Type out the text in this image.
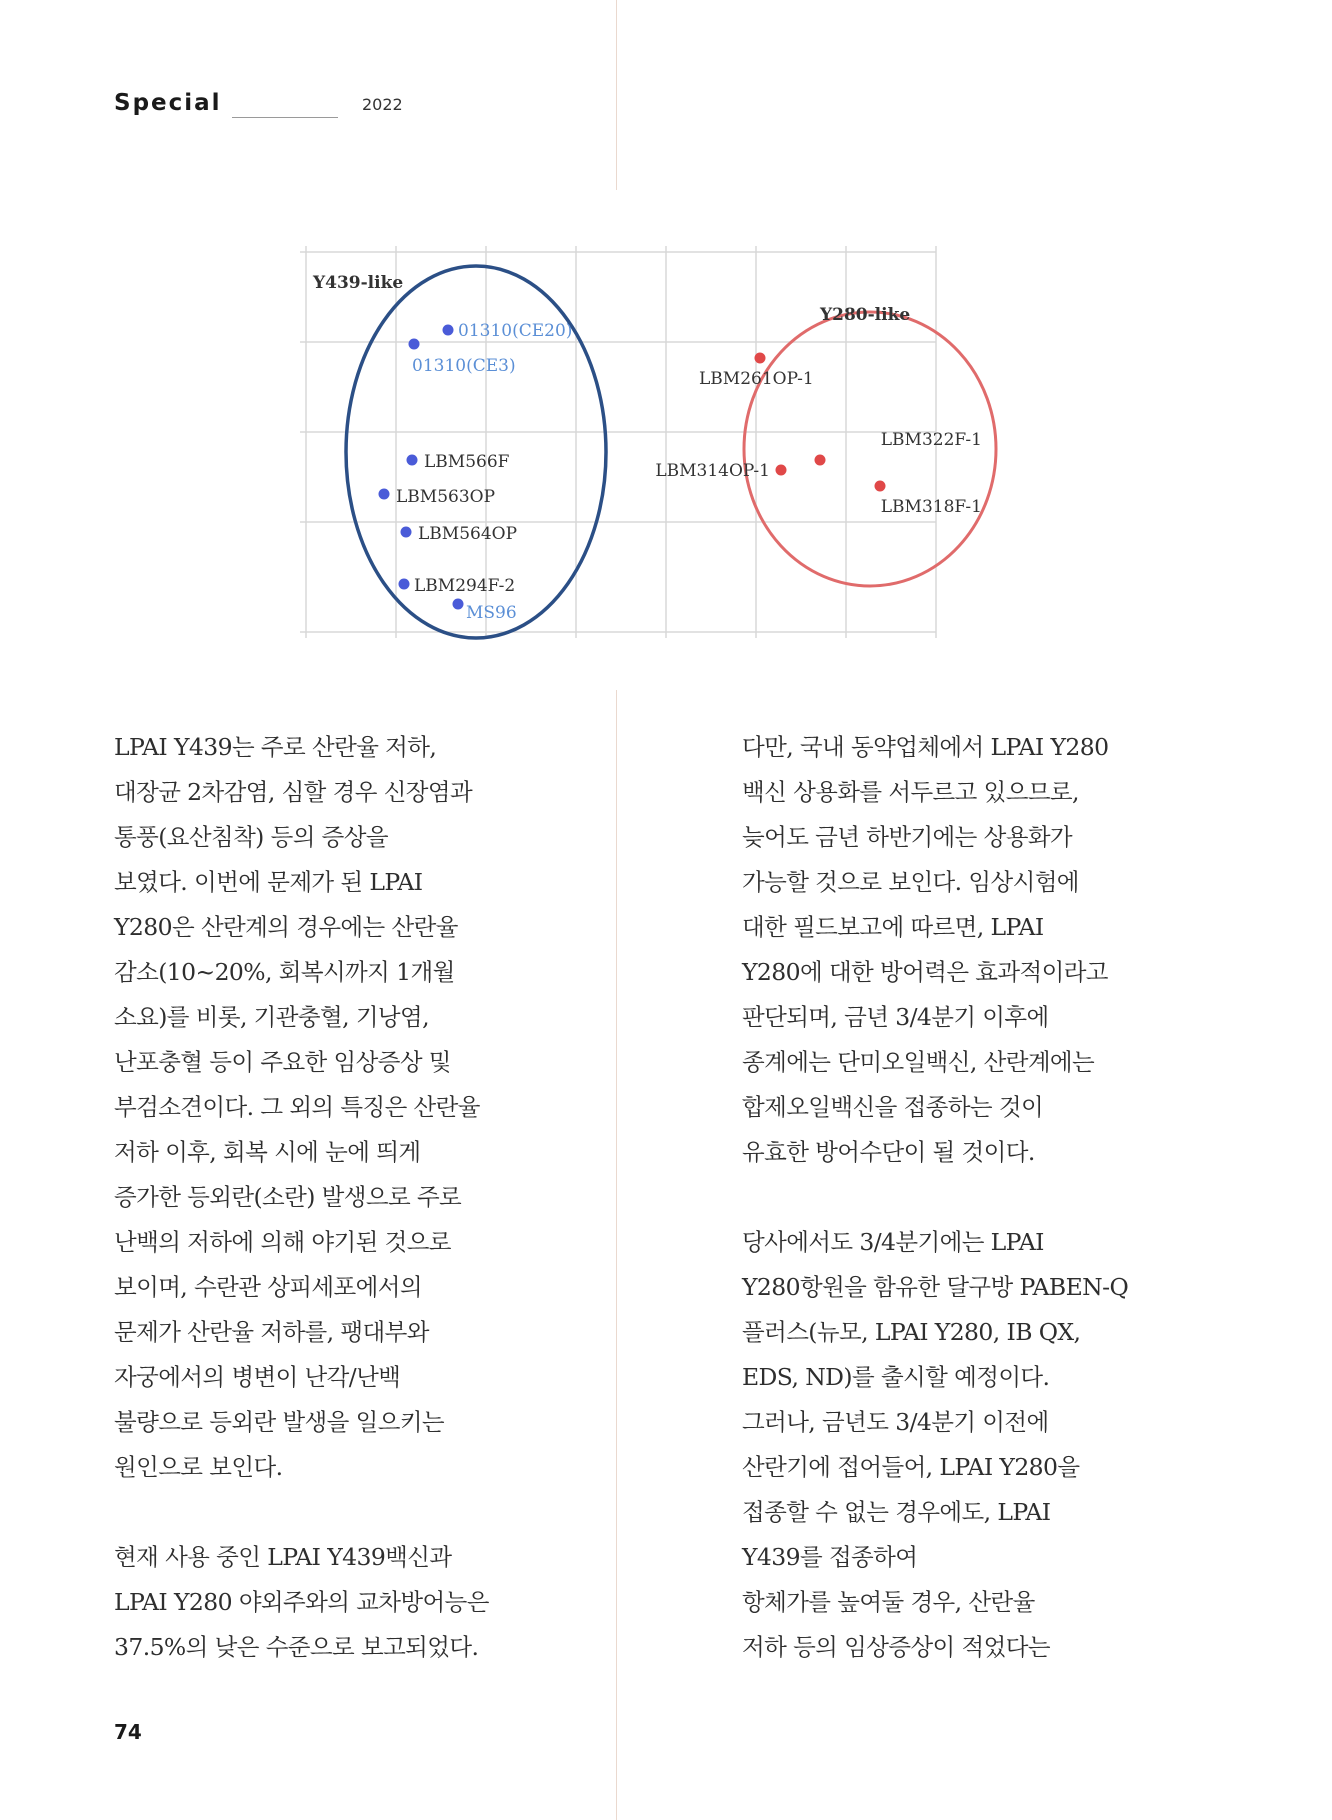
Special	2022
Y439-like
Y280-like
01310(CE20)
01310(CE3)
LBM566F
LBM563OP
LBM564OP
LBM294F-2
MS96
LBM261OP-1
LBM322F-1
LBM314OP-1
LBM318F-1
LPAI Y439는 주로 산란율 저하,
대장균 2차감염, 심할 경우 신장염과
통풍(요산침착) 등의 증상을
보였다. 이번에 문제가 된 LPAI
Y280은 산란계의 경우에는 산란율
감소(10~20%, 회복시까지 1개월
소요)를 비롯, 기관충혈, 기낭염,
난포충혈 등이 주요한 임상증상 및
부검소견이다. 그 외의 특징은 산란율
저하 이후, 회복 시에 눈에 띄게
증가한 등외란(소란) 발생으로 주로
난백의 저하에 의해 야기된 것으로
보이며, 수란관 상피세포에서의
문제가 산란율 저하를, 팽대부와
자궁에서의 병변이 난각/난백
불량으로 등외란 발생을 일으키는
원인으로 보인다.
현재 사용 중인 LPAI Y439백신과
LPAI Y280 야외주와의 교차방어능은
37.5%의 낮은 수준으로 보고되었다.
다만, 국내 동약업체에서 LPAI Y280
백신 상용화를 서두르고 있으므로,
늦어도 금년 하반기에는 상용화가
가능할 것으로 보인다. 임상시험에
대한 필드보고에 따르면, LPAI
Y280에 대한 방어력은 효과적이라고
판단되며, 금년 3/4분기 이후에
종계에는 단미오일백신, 산란계에는
합제오일백신을 접종하는 것이
유효한 방어수단이 될 것이다.
당사에서도 3/4분기에는 LPAI
Y280항원을 함유한 달구방 PABEN-Q
플러스(뉴모, LPAI Y280, IB QX,
EDS, ND)를 출시할 예정이다.
그러나, 금년도 3/4분기 이전에
산란기에 접어들어, LPAI Y280을
접종할 수 없는 경우에도, LPAI
Y439를 접종하여
항체가를 높여둘 경우, 산란율
저하 등의 임상증상이 적었다는
74
